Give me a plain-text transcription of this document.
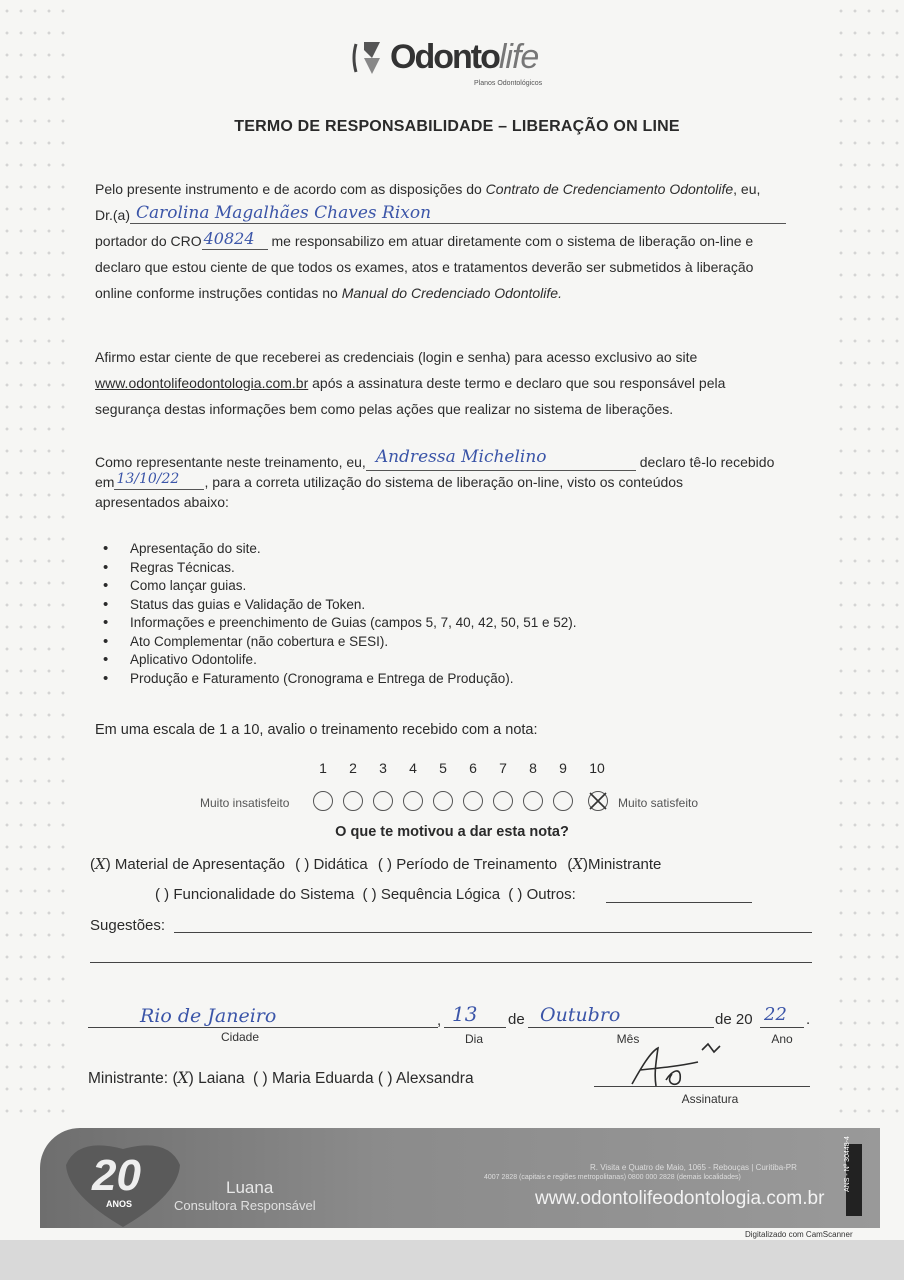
Odontolife
Planos Odontológicos
TERMO DE RESPONSABILIDADE – LIBERAÇÃO ON LINE
Pelo presente instrumento e de acordo com as disposições do Contrato de Credenciamento Odontolife, eu,
Dr.(a) Carolina Magalhães Chaves Rixon
portador do CRO 40824 me responsabilizo em atuar diretamente com o sistema de liberação on-line e
declaro que estou ciente de que todos os exames, atos e tratamentos deverão ser submetidos à liberação
online conforme instruções contidas no Manual do Credenciado Odontolife.
Afirmo estar ciente de que receberei as credenciais (login e senha) para acesso exclusivo ao site
www.odontolifeodontologia.com.br após a assinatura deste termo e declaro que sou responsável pela
segurança destas informações bem como pelas ações que realizar no sistema de liberações.
Como representante neste treinamento, eu, Andressa Michelino	declaro tê-lo recebido
em 13/10/22 , para a correta utilização do sistema de liberação on-line, visto os conteúdos
apresentados abaixo:
• Apresentação do site.
• Regras Técnicas.
• Como lançar guias.
• Status das guias e Validação de Token.
• Informações e preenchimento de Guias (campos 5, 7, 40, 42, 50, 51 e 52).
• Ato Complementar (não cobertura e SESI).
• Aplicativo Odontolife.
• Produção e Faturamento (Cronograma e Entrega de Produção).
Em uma escala de 1 a 10, avalio o treinamento recebido com a nota:
1	2	3	4	5	6	7	8	9	10
Muito insatisfeito	Muito satisfeito
O que te motivou a dar esta nota?
(X) Material de Apresentação ( ) Didática ( ) Período de Treinamento (X)Ministrante
( ) Funcionalidade do Sistema ( ) Sequência Lógica ( ) Outros:
Sugestões:
Rio de Janeiro	, 13 de Outubro	de 20 22 .
Cidade	Dia	Mês	Ano
Ministrante: (X) Laiana ( ) Maria Eduarda ( ) Alexsandra
Assinatura
20
ANOS
Luana
Consultora Responsável
R. Visita e Quatro de Maio, 1065 - Rebouças | Curitiba-PR
4007 2828 (capitais e regiões metropolitanas) 0800 000 2828 (demais localidades)
www.odontolifeodontologia.com.br
ANS - Nº 30448-4
Digitalizado com CamScanner
